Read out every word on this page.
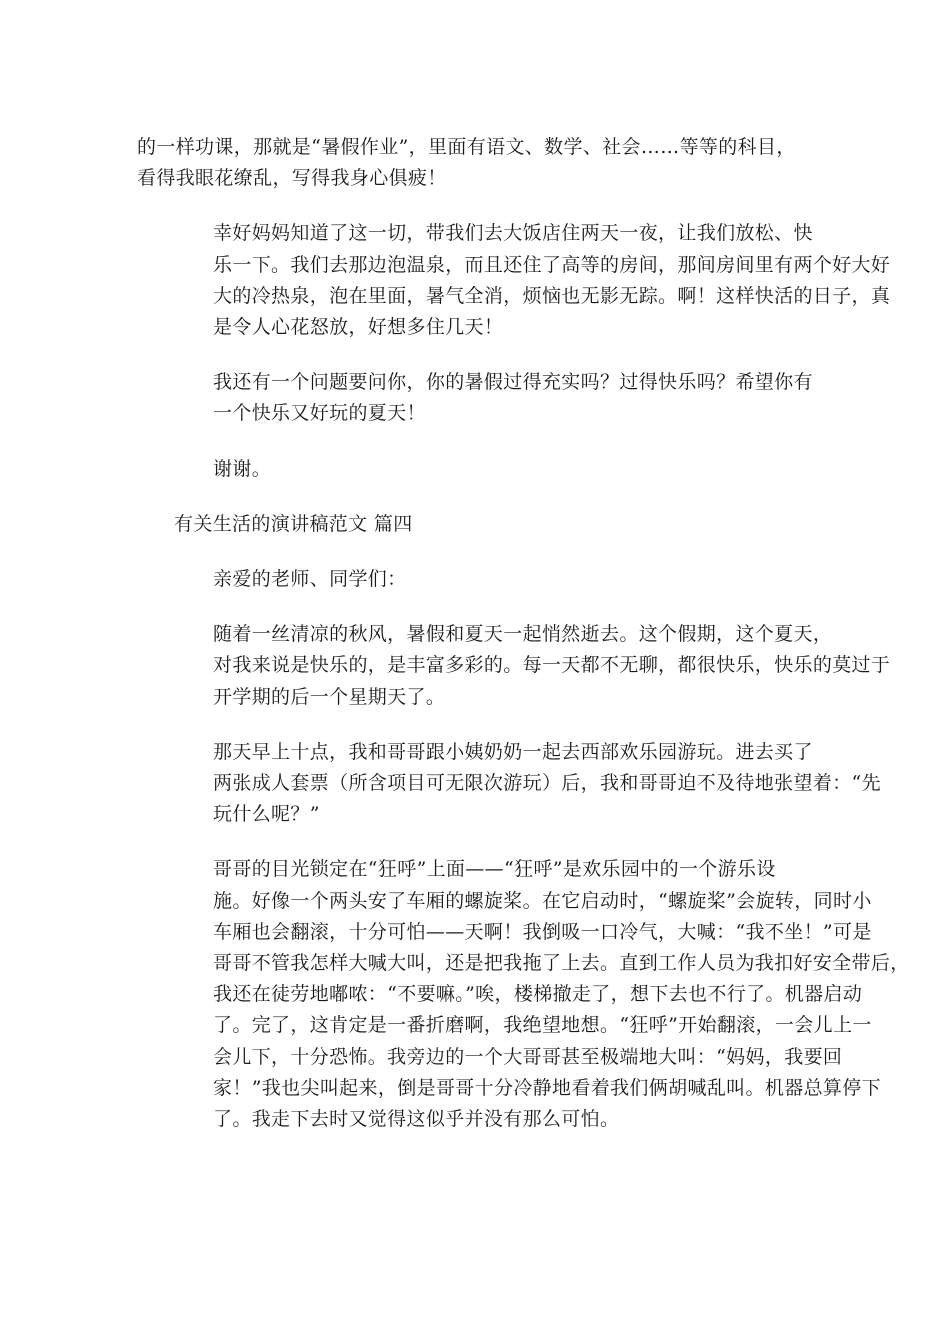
的一样功课，那就是“暑假作业”，里面有语文、数学、社会……等等的科目，
看得我眼花缭乱，写得我身心俱疲！

幸好妈妈知道了这一切，带我们去大饭店住两天一夜，让我们放松、快
乐一下。我们去那边泡温泉，而且还住了高等的房间，那间房间里有两个好大好
大的冷热泉，泡在里面，暑气全消，烦恼也无影无踪。啊！这样快活的日子，真
是令人心花怒放，好想多住几天！

我还有一个问题要问你，你的暑假过得充实吗？过得快乐吗？希望你有
一个快乐又好玩的夏天！

谢谢。

有关生活的演讲稿范文 篇四

亲爱的老师、同学们：

随着一丝清凉的秋风，暑假和夏天一起悄然逝去。这个假期，这个夏天，
对我来说是快乐的，是丰富多彩的。每一天都不无聊，都很快乐，快乐的莫过于
开学期的后一个星期天了。

那天早上十点，我和哥哥跟小姨奶奶一起去西部欢乐园游玩。进去买了
两张成人套票（所含项目可无限次游玩）后，我和哥哥迫不及待地张望着：“先
玩什么呢？”

哥哥的目光锁定在“狂呼”上面——“狂呼”是欢乐园中的一个游乐设
施。好像一个两头安了车厢的螺旋桨。在它启动时，“螺旋桨”会旋转，同时小
车厢也会翻滚，十分可怕——天啊！我倒吸一口冷气，大喊：“我不坐！”可是
哥哥不管我怎样大喊大叫，还是把我拖了上去。直到工作人员为我扣好安全带后，
我还在徒劳地嘟哝：“不要嘛。”唉，楼梯撤走了，想下去也不行了。机器启动
了。完了，这肯定是一番折磨啊，我绝望地想。“狂呼”开始翻滚，一会儿上一
会儿下，十分恐怖。我旁边的一个大哥哥甚至极端地大叫：“妈妈，我要回
家！”我也尖叫起来，倒是哥哥十分冷静地看着我们俩胡喊乱叫。机器总算停下
了。我走下去时又觉得这似乎并没有那么可怕。
